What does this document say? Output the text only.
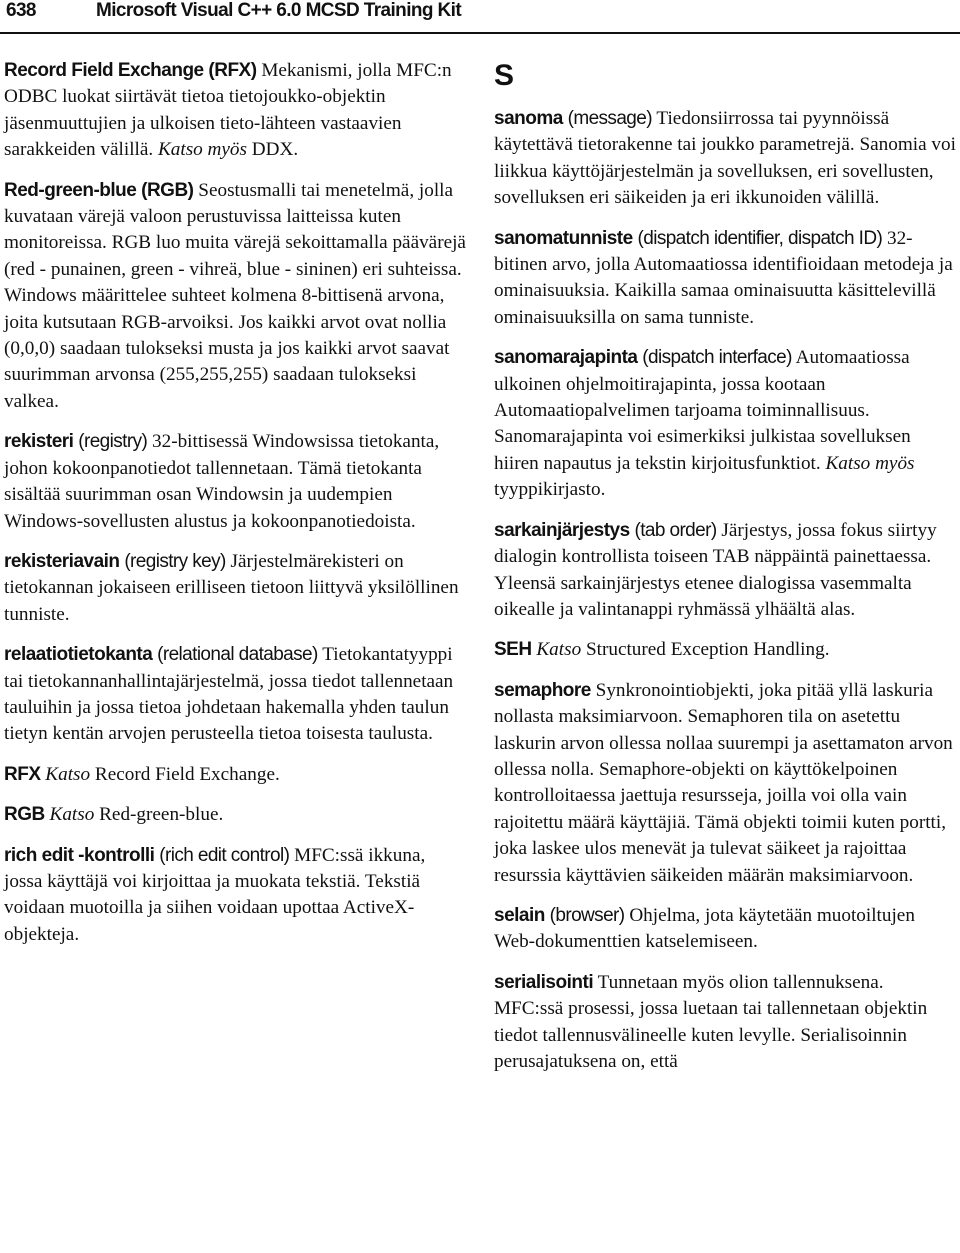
638	Microsoft Visual C++ 6.0 MCSD Training Kit
Record Field Exchange (RFX) Mekanismi, jolla MFC:n ODBC luokat siirtävät tietoa tietojoukko-objektin jäsenmuuttujien ja ulkoisen tieto-lähteen vastaavien sarakkeiden välillä. Katso myös DDX.
Red-green-blue (RGB) Seostusmalli tai menetelmä, jolla kuvataan värejä valoon perustuvissa laitteissa kuten monitoreissa. RGB luo muita värejä sekoittamalla päävärejä (red - punainen, green - vihreä, blue - sininen) eri suhteissa. Windows määrittelee suhteet kolmena 8-bittisenä arvona, joita kutsutaan RGB-arvoiksi. Jos kaikki arvot ovat nollia (0,0,0) saadaan tulokseksi musta ja jos kaikki arvot saavat suurimman arvonsa (255,255,255) saadaan tulokseksi valkea.
rekisteri (registry) 32-bittisessä Windowsissa tietokanta, johon kokoonpanotiedot tallennetaan. Tämä tietokanta sisältää suurimman osan Windowsin ja uudempien Windows-sovellusten alustus ja kokoonpanotiedoista.
rekisteriavain (registry key) Järjestelmärekisteri on tietokannan jokaiseen erilliseen tietoon liittyvä yksilöllinen tunniste.
relaatiotietokanta (relational database) Tietokantatyyppi tai tietokannanhallintajärjestelmä, jossa tiedot tallennetaan tauluihin ja jossa tietoa johdetaan hakemalla yhden taulun tietyn kentän arvojen perusteella tietoa toisesta taulusta.
RFX Katso Record Field Exchange.
RGB Katso Red-green-blue.
rich edit -kontrolli (rich edit control) MFC:ssä ikkuna, jossa käyttäjä voi kirjoittaa ja muokata tekstiä. Tekstiä voidaan muotoilla ja siihen voidaan upottaa ActiveX-objekteja.
S
sanoma (message) Tiedonsiirrossa tai pyynnöissä käytettävä tietorakenne tai joukko parametrejä. Sanomia voi liikkua käyttöjärjestelmän ja sovelluksen, eri sovellusten, sovelluksen eri säikeiden ja eri ikkunoiden välillä.
sanomatunniste (dispatch identifier, dispatch ID) 32-bitinen arvo, jolla Automaatiossa identifioidaan metodeja ja ominaisuuksia. Kaikilla samaa ominaisuutta käsittelevillä ominaisuuksilla on sama tunniste.
sanomarajapinta (dispatch interface) Automaatiossa ulkoinen ohjelmoitirajapinta, jossa kootaan Automaatiopalvelimen tarjoama toiminnallisuus. Sanomarajapinta voi esimerkiksi julkistaa sovelluksen hiiren napautus ja tekstin kirjoitusfunktiot. Katso myös tyyppikirjasto.
sarkainjärjestys (tab order) Järjestys, jossa fokus siirtyy dialogin kontrollista toiseen TAB näppäintä painettaessa. Yleensä sarkainjärjestys etenee dialogissa vasemmalta oikealle ja valintanappi ryhmässä ylhäältä alas.
SEH Katso Structured Exception Handling.
semaphore Synkronointiobjekti, joka pitää yllä laskuria nollasta maksimiarvoon. Semaphoren tila on asetettu laskurin arvon ollessa nollaa suurempi ja asettamaton arvon ollessa nolla. Semaphore-objekti on käyttökelpoinen kontrolloitaessa jaettuja resursseja, joilla voi olla vain rajoitettu määrä käyttäjiä. Tämä objekti toimii kuten portti, joka laskee ulos menevät ja tulevat säikeet ja rajoittaa resurssia käyttävien säikeiden määrän maksimiarvoon.
selain (browser) Ohjelma, jota käytetään muotoiltujen Web-dokumenttien katselemiseen.
serialisointi Tunnetaan myös olion tallennuksena. MFC:ssä prosessi, jossa luetaan tai tallennetaan objektin tiedot tallennusvälineelle kuten levylle. Serialisoinnin perusajatuksena on, että
